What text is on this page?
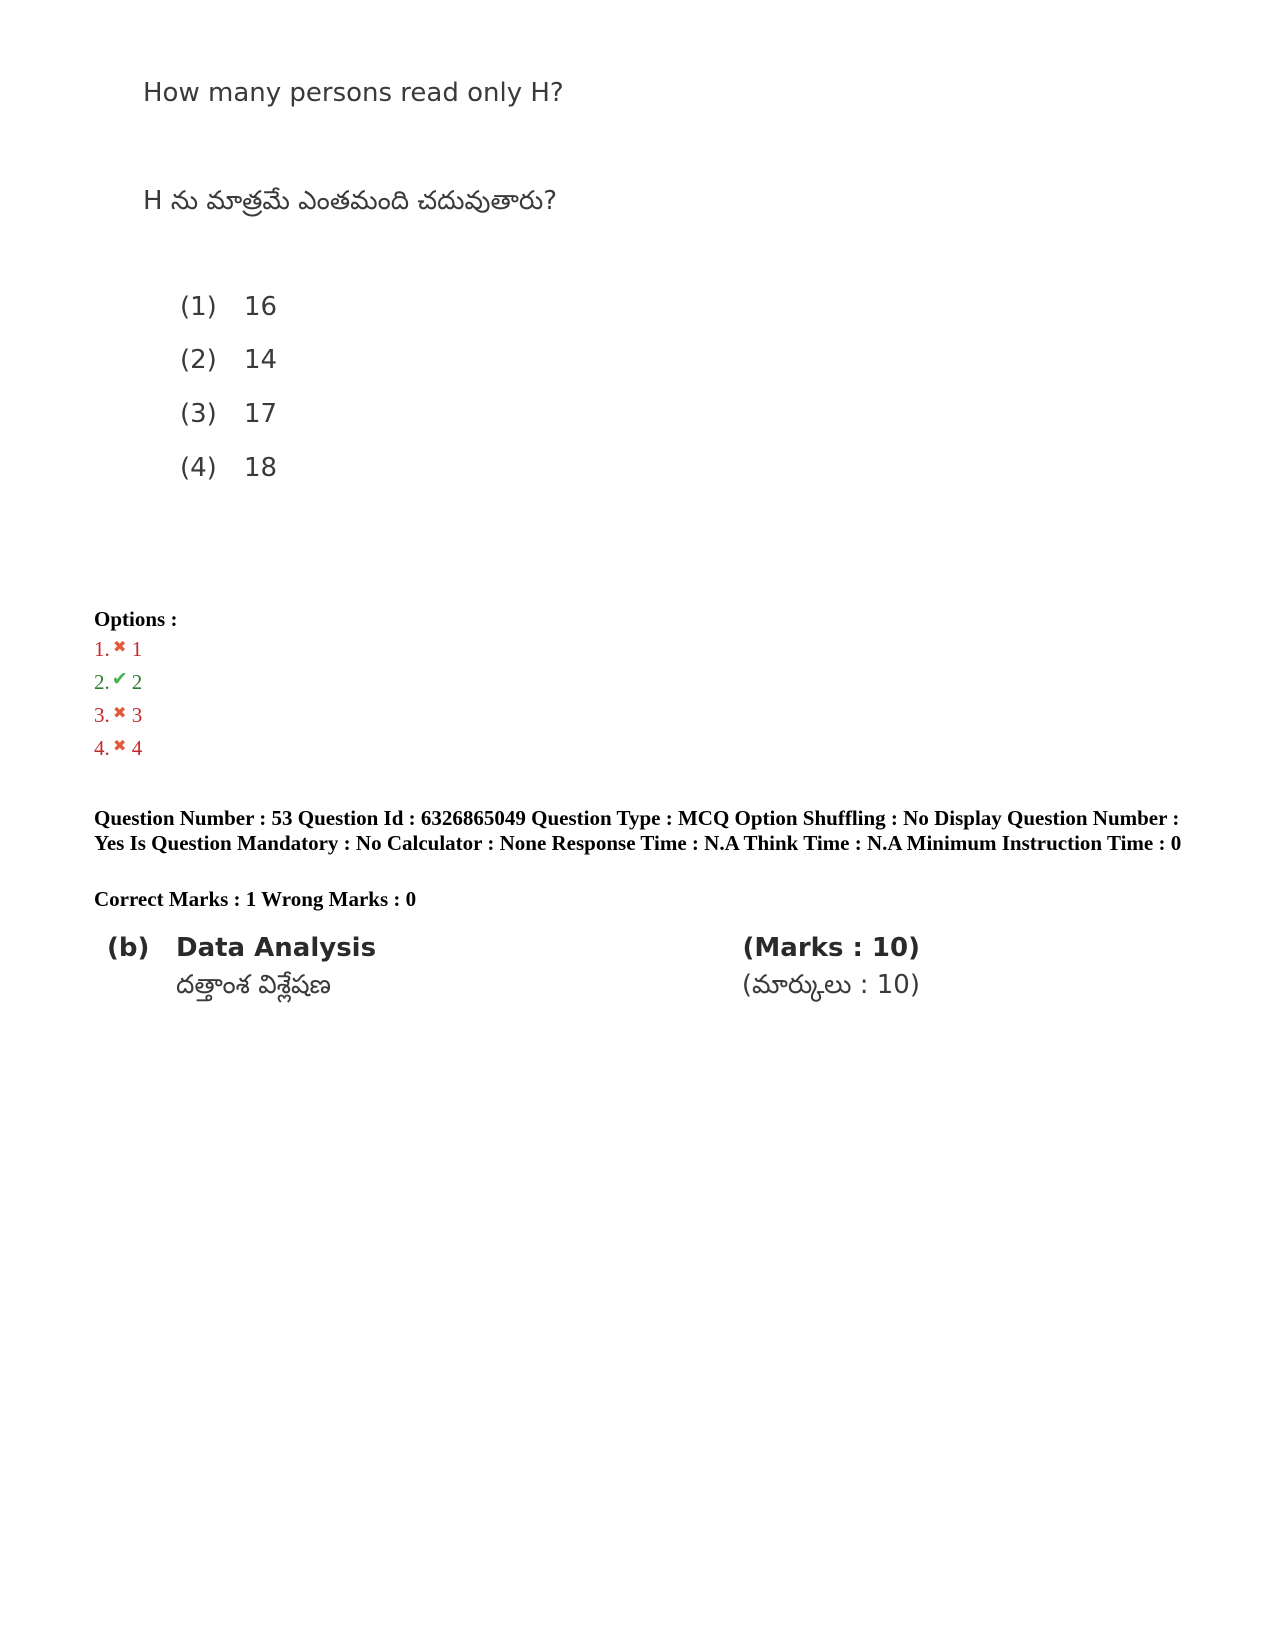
How many persons read only H?
H ను మాత్రమే ఎంతమంది చదువుతారు?
(1) 16
(2) 14
(3) 17
(4) 18
Options :
1. ✖ 1
2. ✔ 2
3. ✖ 3
4. ✖ 4
Question Number : 53 Question Id : 6326865049 Question Type : MCQ Option Shuffling : No Display Question Number : Yes Is Question Mandatory : No Calculator : None Response Time : N.A Think Time : N.A Minimum Instruction Time : 0
Correct Marks : 1 Wrong Marks : 0
(b) Data Analysis
దత్తాంశ విశ్లేషణ
(Marks : 10)
(మార్కులు : 10)
